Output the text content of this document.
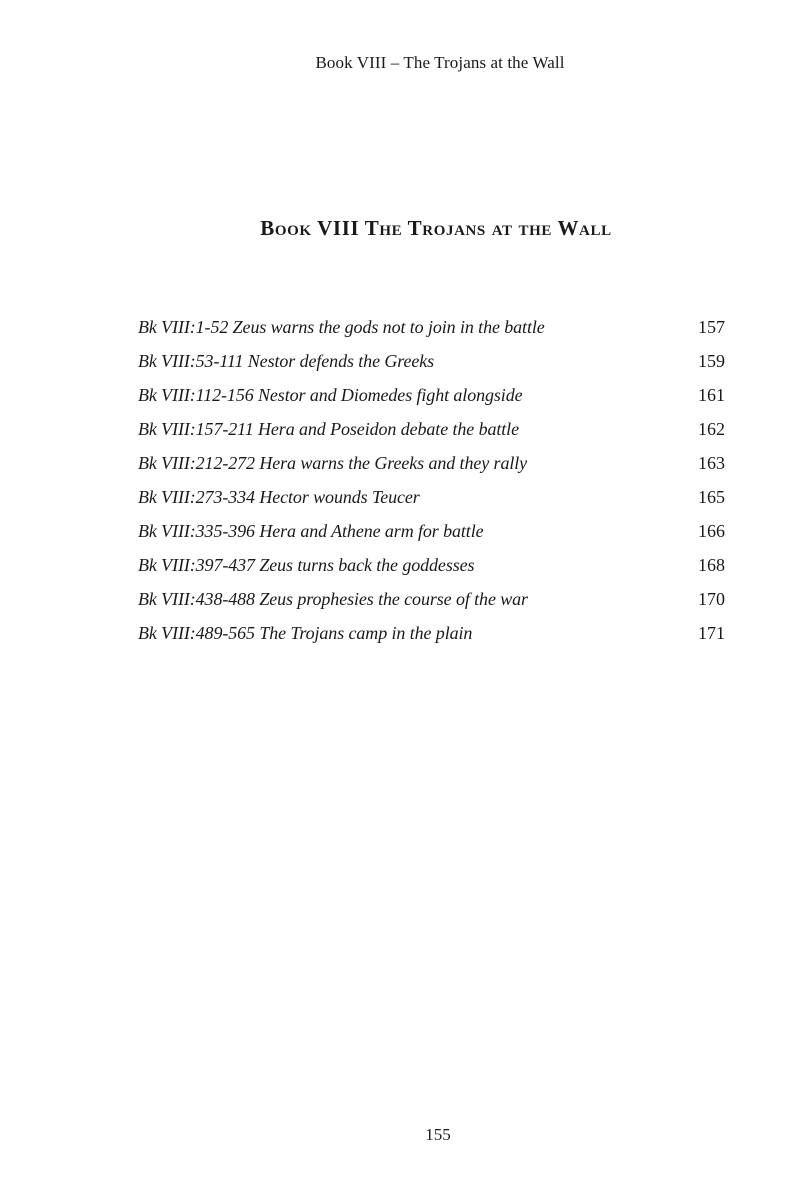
Book VIII – The Trojans at the Wall
Book VIII The Trojans at the Wall
Bk VIII:1-52 Zeus warns the gods not to join in the battle	157
Bk VIII:53-111 Nestor defends the Greeks	159
Bk VIII:112-156 Nestor and Diomedes fight alongside	161
Bk VIII:157-211 Hera and Poseidon debate the battle	162
Bk VIII:212-272 Hera warns the Greeks and they rally	163
Bk VIII:273-334 Hector wounds Teucer	165
Bk VIII:335-396 Hera and Athene arm for battle	166
Bk VIII:397-437 Zeus turns back the goddesses	168
Bk VIII:438-488 Zeus prophesies the course of the war	170
Bk VIII:489-565 The Trojans camp in the plain	171
155
